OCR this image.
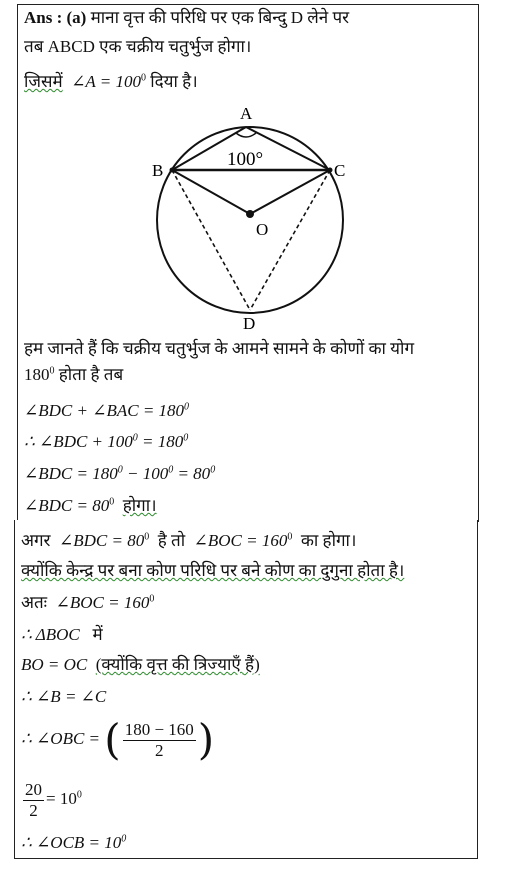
Ans : (a) माना वृत्त की परिधि पर एक बिन्दु D लेने पर
तब ABCD एक चक्रीय चतुर्भुज होगा।
जिसमें ∠A = $100^0$ दिया है।
A
B	C
D
O
100°
हम जानते हैं कि चक्रीय चतुर्भुज के आमने सामने के कोणों का योग
$180^0$ होता है तब
∠BDC + ∠BAC = $180^0$
∴ ∠BDC + $100^0 = 180^0$
∠BDC = $180^0 - 100^0 = 80^0$
∠BDC = $80^0$ होगा।
अगर ∠BDC = $80^0$ है तो ∠BOC = $160^0$ का होगा।
क्योंकि केन्द्र पर बना कोण परिधि पर बने कोण का दुगुना होता है।
अतः ∠BOC = $160^0$
∴ ΔBOC में
BO = OC (क्योंकि वृत्त की त्रिज्याएँ हैं)
∴ ∠B = ∠C
∴ ∠OBC = ( $\frac{180 - 160}{2}$ )
$\frac{20}{2} = 10^0$
∴ ∠OCB = $10^0$
